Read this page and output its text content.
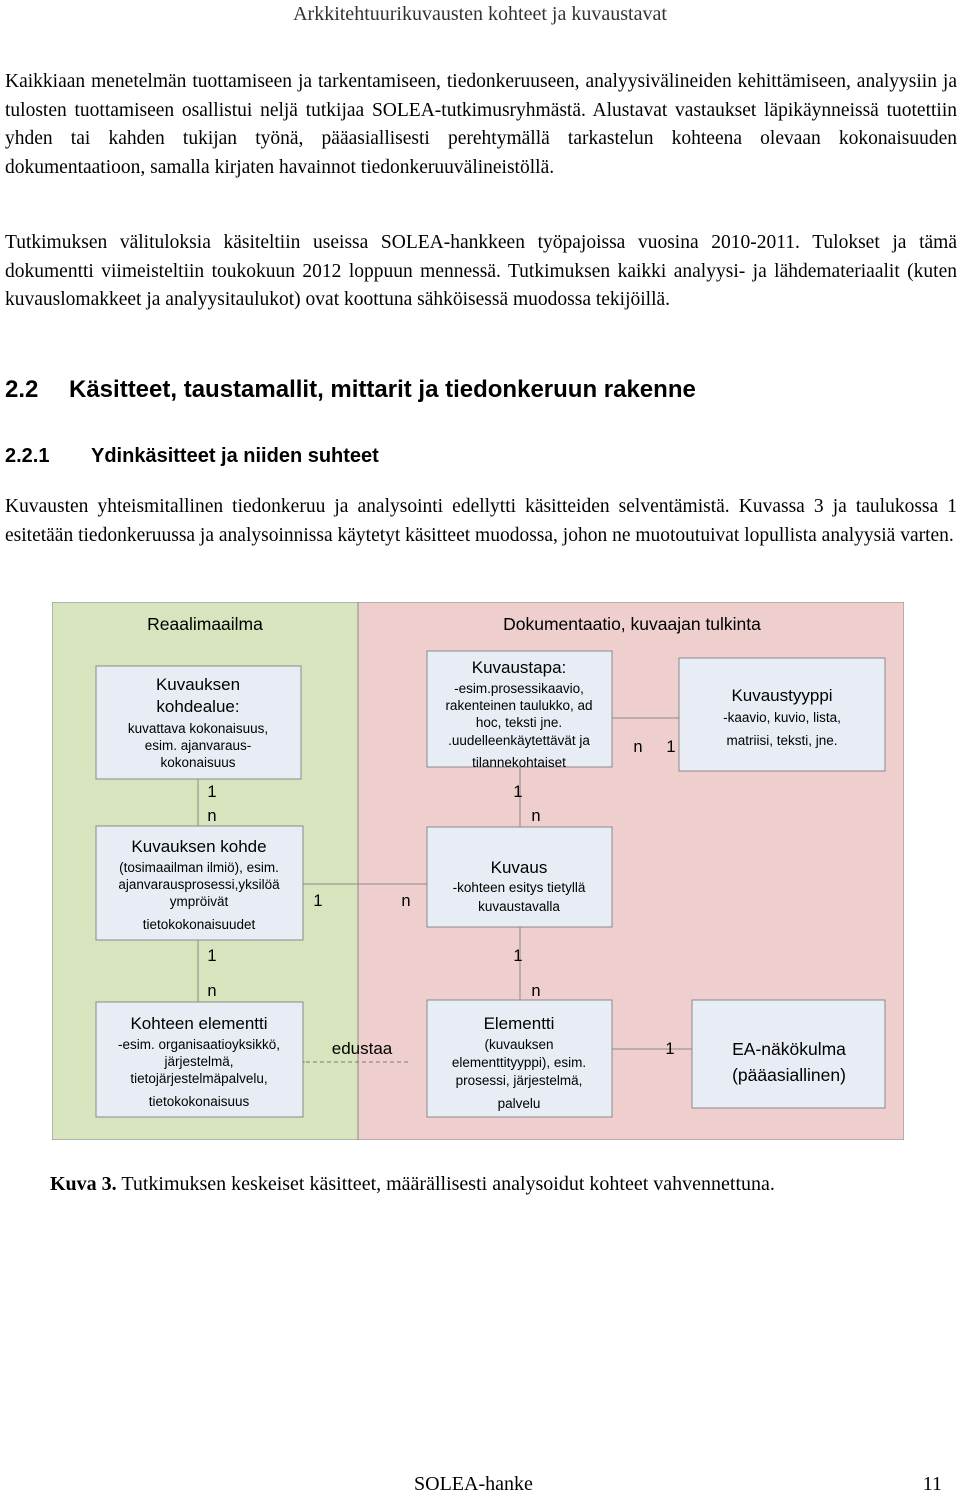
Arkkitehtuurikuvausten kohteet ja kuvaustavat

Kaikkiaan menetelmän tuottamiseen ja tarkentamiseen, tiedonkeruuseen, analyysivälineiden kehittämiseen, analyysiin ja tulosten tuottamiseen osallistui neljä tutkijaa SOLEA-tutkimusryhmästä. Alustavat vastaukset läpikäynneissä tuotettiin yhden tai kahden tukijan työnä, pääasiallisesti perehtymällä tarkastelun kohteena olevaan kokonaisuuden dokumentaatioon, samalla kirjaten havainnot tiedonkeruuvälineistöllä.

Tutkimuksen välituloksia käsiteltiin useissa SOLEA-hankkeen työpajoissa vuosina 2010-2011. Tulokset ja tämä dokumentti viimeisteltiin toukokuun 2012 loppuun mennessä. Tutkimuksen kaikki analyysi- ja lähdemateriaalit (kuten kuvauslomakkeet ja analyysitaulukot) ovat koottuna sähköisessä muodossa tekijöillä.

2.2 Käsitteet, taustamallit, mittarit ja tiedonkeruun rakenne
2.2.1 Ydinkäsitteet ja niiden suhteet

Kuvausten yhteismitallinen tiedonkeruu ja analysointi edellytti käsitteiden selventämistä. Kuvassa 3 ja taulukossa 1 esitetään tiedonkeruussa ja analysoinnissa käytetyt käsitteet muodossa, johon ne muotoutuivat lopullista analyysiä varten.

Reaalimaailma	Dokumentaatio, kuvaajan tulkinta
edustaa
Kuvauksen
kohdealue:
kuvattava kokonaisuus,
esim. ajanvaraus-
kokonaisuus
Kuvauksen kohde
(tosimaailman ilmiö), esim.
ajanvarausprosessi,yksilöä
ympröivät
tietokokonaisuudet
Kohteen elementti
-esim. organisaatioyksikkö,
järjestelmä,
tietojärjestelmäpalvelu,
tietokokonaisuus
Kuvaustapa:
-esim.prosessikaavio,
rakenteinen taulukko, ad
hoc, teksti jne.
.uudelleenkäytettävät ja
tilannekohtaiset
Kuvaustyyppi
-kaavio, kuvio, lista,
matriisi, teksti, jne.
Kuvaus
-kohteen esitys tietyllä
kuvaustavalla
Elementti
(kuvauksen
elementtityyppi), esim.
prosessi, järjestelmä,
palvelu
EA-näkökulma
(pääasiallinen)
1
n
1
n
1	n
1
n
1
n
n 1
1
Kuva 3. Tutkimuksen keskeiset käsitteet, määrällisesti analysoidut kohteet vahvennettuna.
SOLEA-hanke	11
